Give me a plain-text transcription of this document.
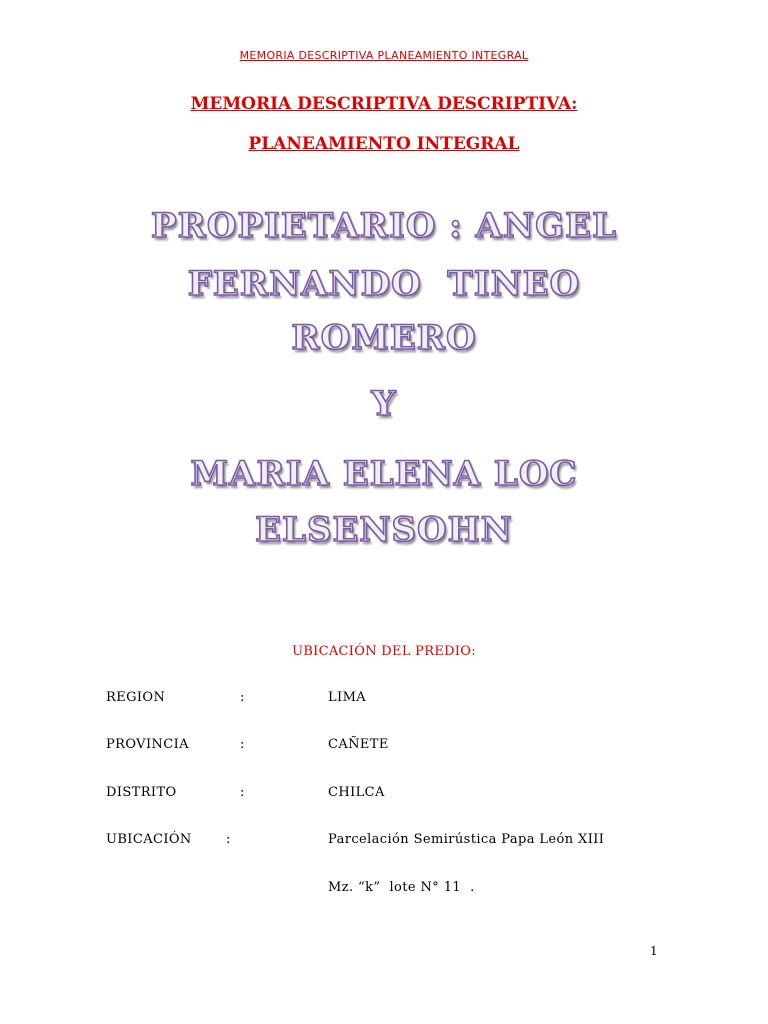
MEMORIA DESCRIPTIVA PLANEAMIENTO INTEGRAL
MEMORIA DESCRIPTIVA DESCRIPTIVA:
PLANEAMIENTO INTEGRAL
PROPIETARIO : ANGEL
FERNANDO  TINEO
ROMERO
Y
MARIA ELENA LOC
ELSENSOHN
UBICACIÓN DEL PREDIO:
REGION	:	LIMA
PROVINCIA	:	CAÑETE
DISTRITO	:	CHILCA
UBICACIÓN	:	Parcelación Semirústica Papa León XIII
Mz. “k”  lote N° 11  .
1
